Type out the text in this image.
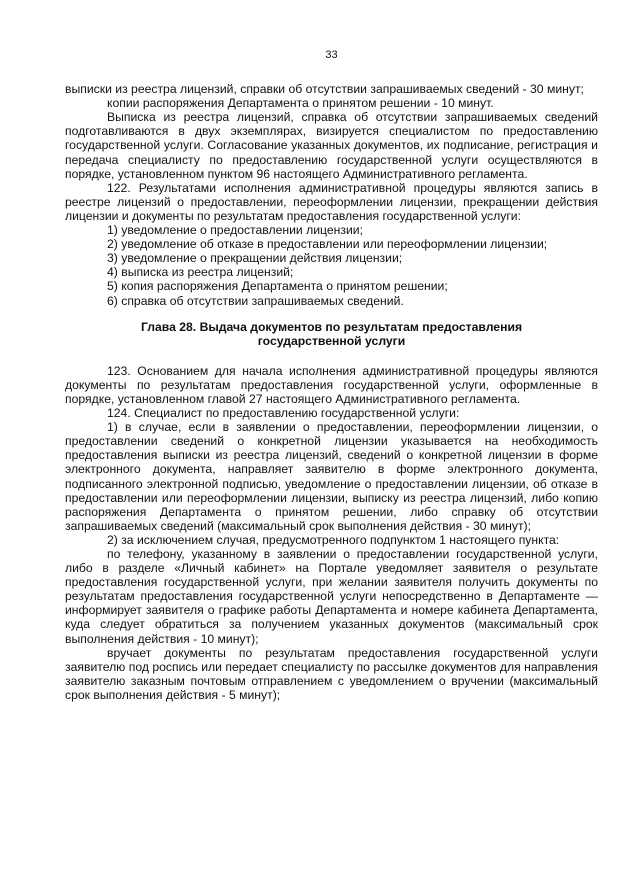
33

выписки из реестра лицензий, справки об отсутствии запрашиваемых сведений - 30 минут;

копии распоряжения Департамента о принятом решении - 10 минут.

Выписка из реестра лицензий, справка об отсутствии запрашиваемых сведений подготавливаются в двух экземплярах, визируется специалистом по предоставлению государственной услуги. Согласование указанных документов, их подписание, регистрация и передача специалисту по предоставлению государственной услуги осуществляются в порядке, установленном пунктом 96 настоящего Административного регламента.

122. Результатами исполнения административной процедуры являются запись в реестре лицензий о предоставлении, переоформлении лицензии, прекращении действия лицензии и документы по результатам предоставления государственной услуги:

1) уведомление о предоставлении лицензии;

2) уведомление об отказе в предоставлении или переоформлении лицензии;

3) уведомление о прекращении действия лицензии;

4) выписка из реестра лицензий;

5) копия распоряжения Департамента о принятом решении;

6) справка об отсутствии запрашиваемых сведений.

Глава 28. Выдача документов по результатам предоставления государственной услуги

123. Основанием для начала исполнения административной процедуры являются документы по результатам предоставления государственной услуги, оформленные в порядке, установленном главой 27 настоящего Административного регламента.

124. Специалист по предоставлению государственной услуги:

1) в случае, если в заявлении о предоставлении, переоформлении лицензии, о предоставлении сведений о конкретной лицензии указывается на необходимость предоставления выписки из реестра лицензий, сведений о конкретной лицензии в форме электронного документа, направляет заявителю в форме электронного документа, подписанного электронной подписью, уведомление о предоставлении лицензии, об отказе в предоставлении или переоформлении лицензии, выписку из реестра лицензий, либо копию распоряжения Департамента о принятом решении, либо справку об отсутствии запрашиваемых сведений (максимальный срок выполнения действия - 30 минут);

2) за исключением случая, предусмотренного подпунктом 1 настоящего пункта:

по телефону, указанному в заявлении о предоставлении государственной услуги, либо в разделе «Личный кабинет» на Портале уведомляет заявителя о результате предоставления государственной услуги, при желании заявителя получить документы по результатам предоставления государственной услуги непосредственно в Департаменте — информирует заявителя о графике работы Департамента и номере кабинета Департамента, куда следует обратиться за получением указанных документов (максимальный срок выполнения действия - 10 минут);

вручает документы по результатам предоставления государственной услуги заявителю под роспись или передает специалисту по рассылке документов для направления заявителю заказным почтовым отправлением с уведомлением о вручении (максимальный срок выполнения действия - 5 минут);
